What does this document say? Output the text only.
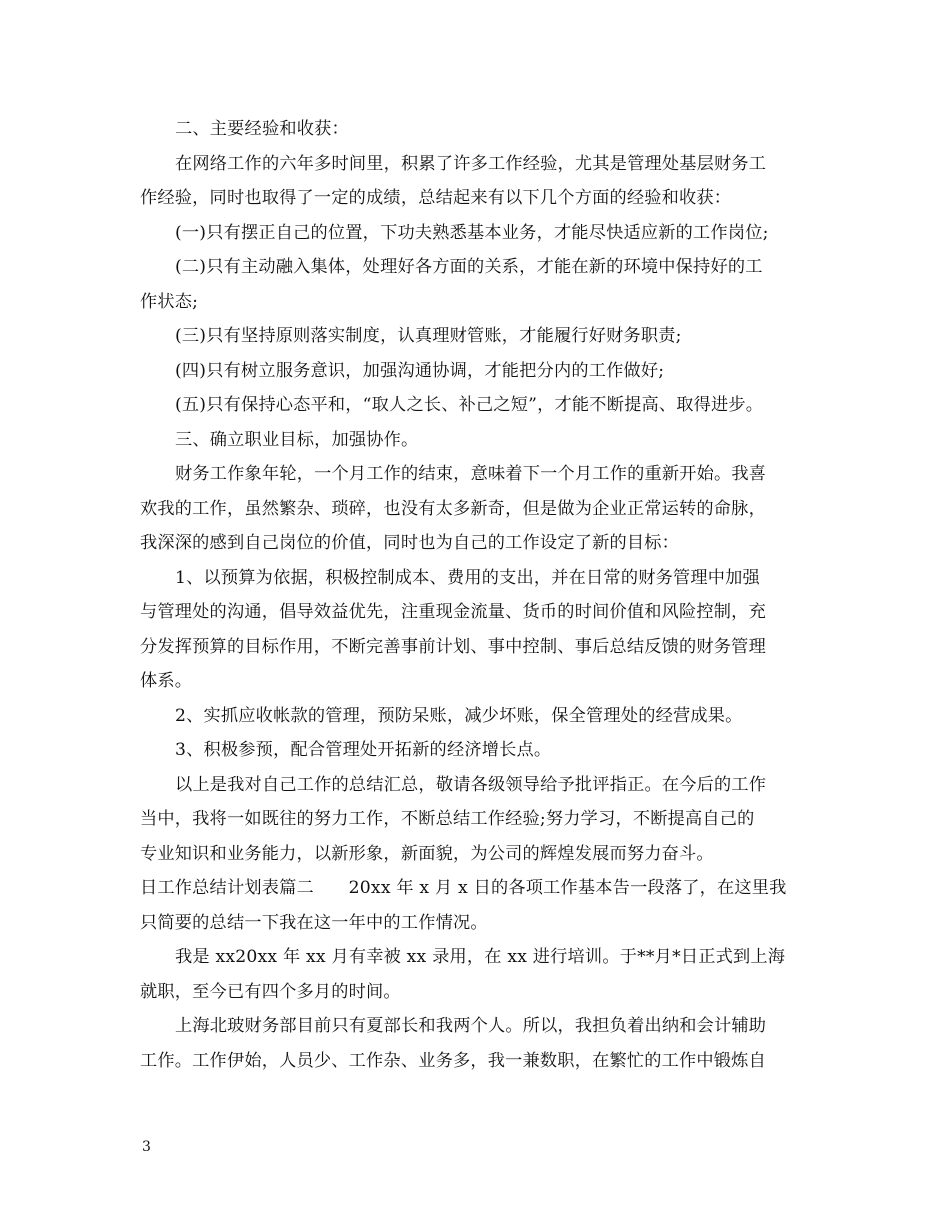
二、主要经验和收获：
在网络工作的六年多时间里，积累了许多工作经验，尤其是管理处基层财务工
作经验，同时也取得了一定的成绩，总结起来有以下几个方面的经验和收获：
(一)只有摆正自己的位置，下功夫熟悉基本业务，才能尽快适应新的工作岗位;
(二)只有主动融入集体，处理好各方面的关系，才能在新的环境中保持好的工
作状态;
(三)只有坚持原则落实制度，认真理财管账，才能履行好财务职责;
(四)只有树立服务意识，加强沟通协调，才能把分内的工作做好;
(五)只有保持心态平和，“取人之长、补己之短”，才能不断提高、取得进步。
三、确立职业目标，加强协作。
财务工作象年轮，一个月工作的结束，意味着下一个月工作的重新开始。我喜
欢我的工作，虽然繁杂、琐碎，也没有太多新奇，但是做为企业正常运转的命脉，
我深深的感到自己岗位的价值，同时也为自己的工作设定了新的目标：
1、以预算为依据，积极控制成本、费用的支出，并在日常的财务管理中加强
与管理处的沟通，倡导效益优先，注重现金流量、货币的时间价值和风险控制，充
分发挥预算的目标作用，不断完善事前计划、事中控制、事后总结反馈的财务管理
体系。
2、实抓应收帐款的管理，预防呆账，减少坏账，保全管理处的经营成果。
3、积极参预，配合管理处开拓新的经济增长点。
以上是我对自己工作的总结汇总，敬请各级领导给予批评指正。在今后的工作
当中，我将一如既往的努力工作，不断总结工作经验;努力学习，不断提高自己的
专业知识和业务能力，以新形象，新面貌，为公司的辉煌发展而努力奋斗。
日工作总结计划表篇二　　20xx 年 x 月 x 日的各项工作基本告一段落了，在这里我
只简要的总结一下我在这一年中的工作情况。
我是 xx20xx 年 xx 月有幸被 xx 录用，在 xx 进行培训。于**月*日正式到上海
就职，至今已有四个多月的时间。
上海北玻财务部目前只有夏部长和我两个人。所以，我担负着出纳和会计辅助
工作。工作伊始，人员少、工作杂、业务多，我一兼数职，在繁忙的工作中锻炼自
3
